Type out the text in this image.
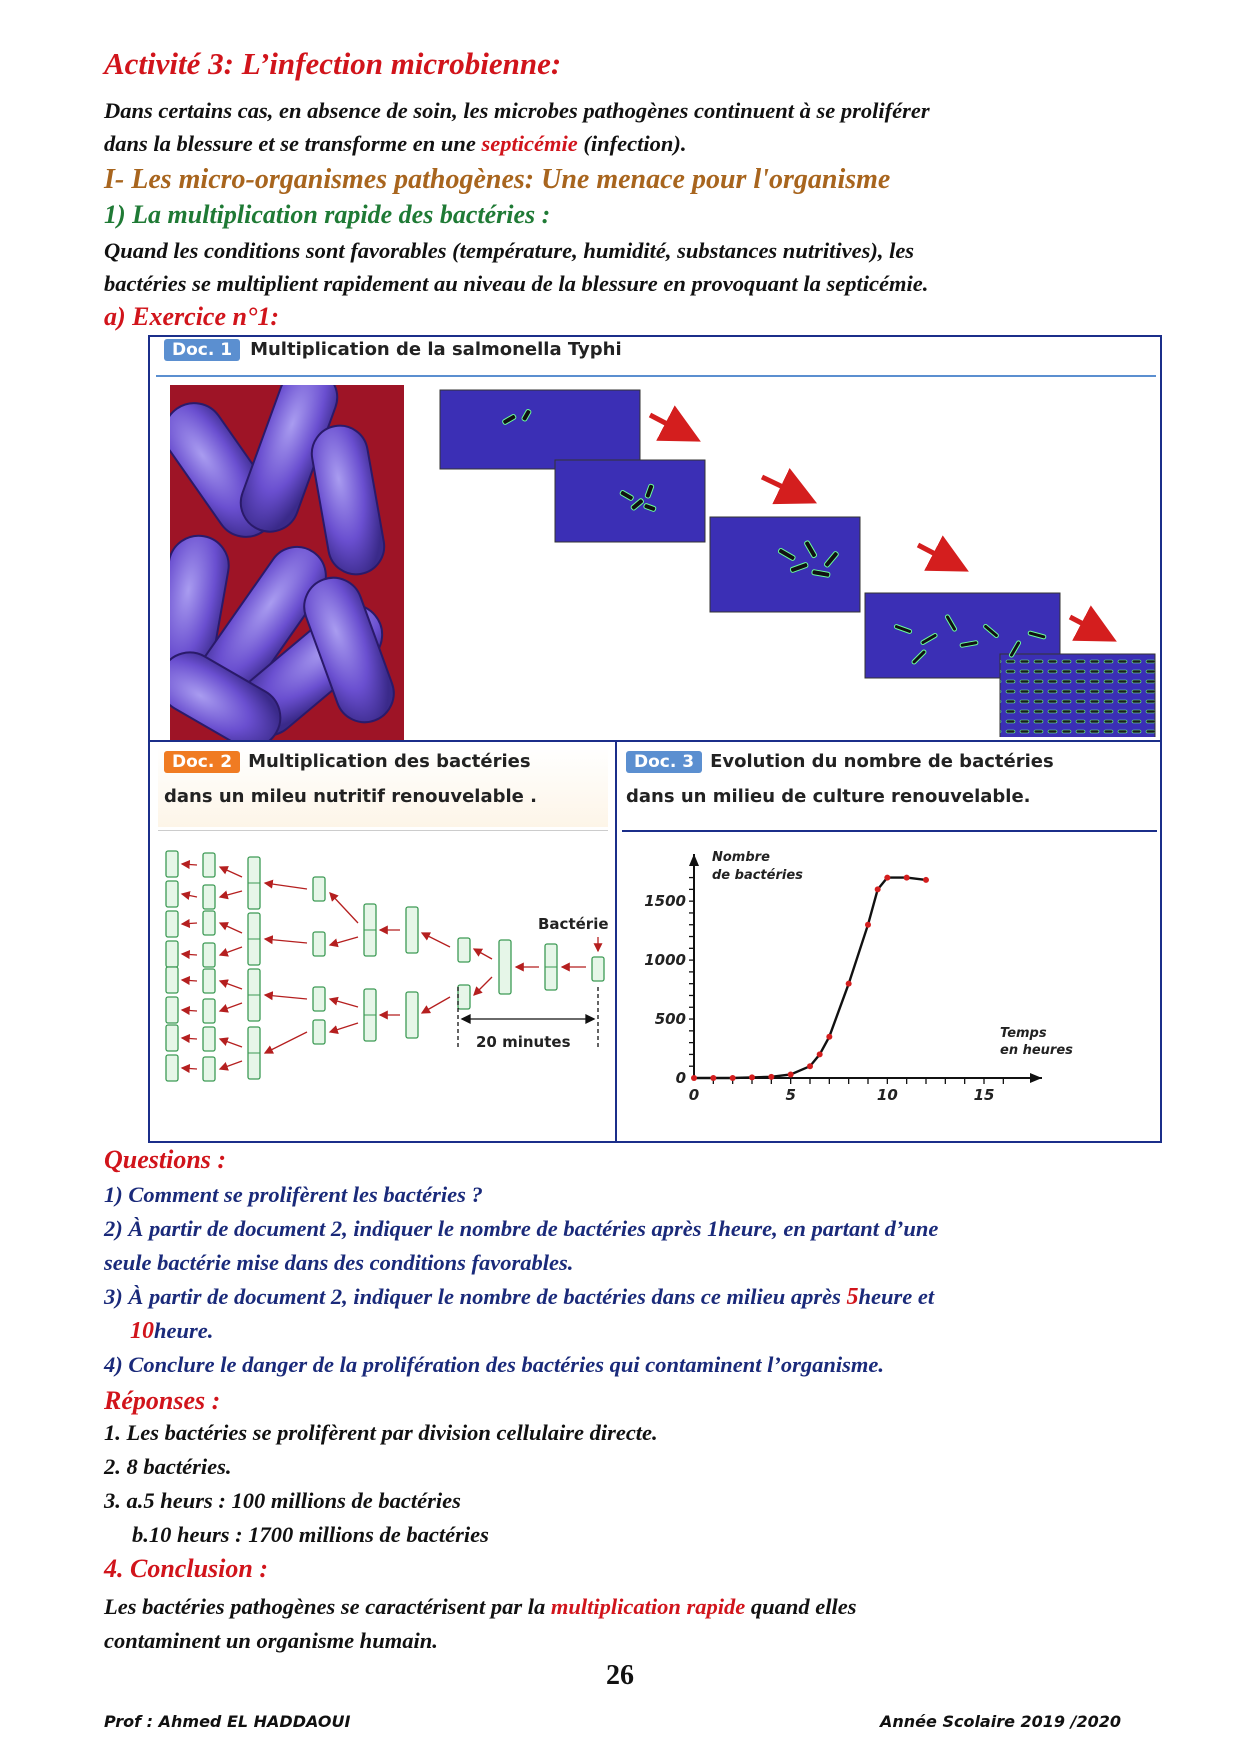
Activité 3: L’infection microbienne:
Dans certains cas, en absence de soin, les microbes pathogènes continuent à se proliférer
dans la blessure et se transforme en une septicémie (infection).
I- Les micro-organismes pathogènes: Une menace pour l'organisme
1) La multiplication rapide des bactéries :
Quand les conditions sont favorables (température, humidité, substances nutritives), les
bactéries se multiplient rapidement au niveau de la blessure en provoquant la septicémie.
a) Exercice n°1:
Doc. 1 Multiplication de la salmonella Typhi
Doc. 2 Multiplication des bactéries
dans un mileu nutritif renouvelable .
Bactérie
20 minutes
Doc. 3 Evolution du nombre de bactéries
dans un milieu de culture renouvelable.
0	5	10	15
0
500
1000
1500
Nombre
de bactéries
Temps
en heures
Questions :
1) Comment se prolifèrent les bactéries ?
2) À partir de document 2, indiquer le nombre de bactéries après 1heure, en partant d’une
seule bactérie mise dans des conditions favorables.
3) À partir de document 2, indiquer le nombre de bactéries dans ce milieu après 5heure et
10heure.
4) Conclure le danger de la prolifération des bactéries qui contaminent l’organisme.
Réponses :
1. Les bactéries se prolifèrent par division cellulaire directe.
2. 8 bactéries.
3. a.5 heurs : 100 millions de bactéries
b.10 heurs : 1700 millions de bactéries
4. Conclusion :
Les bactéries pathogènes se caractérisent par la multiplication rapide quand elles
contaminent un organisme humain.
26
Prof : Ahmed EL HADDAOUI	Année Scolaire 2019 /2020
